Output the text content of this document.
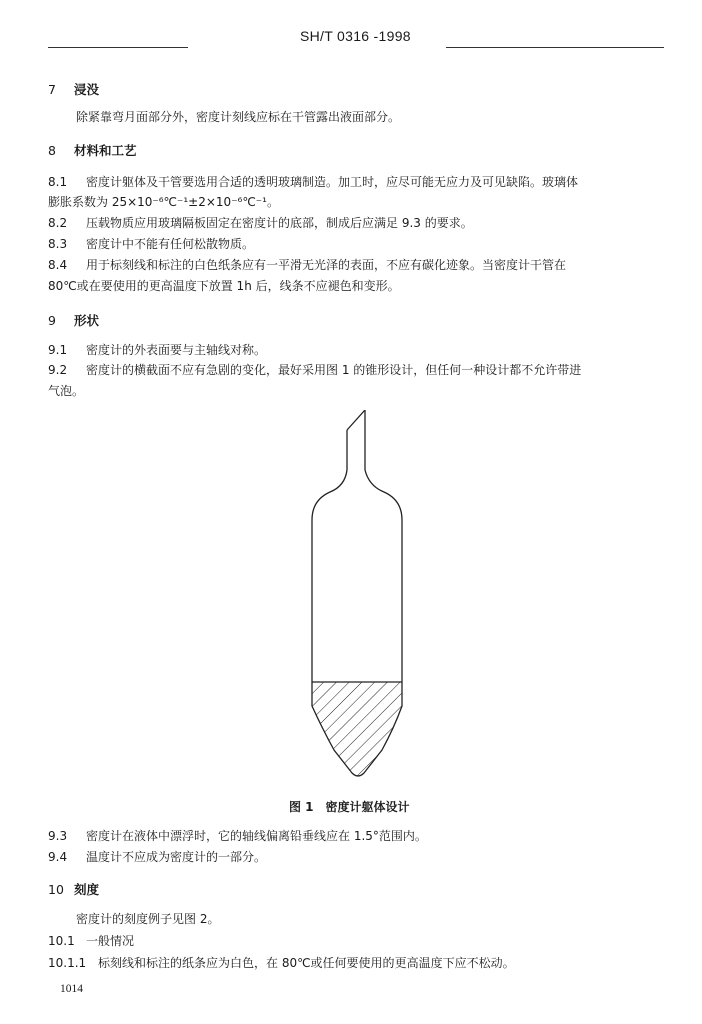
SH/T 0316 -1998
7 浸没
除紧靠弯月面部分外，密度计刻线应标在干管露出液面部分。
8 材料和工艺
8.1 密度计躯体及干管要选用合适的透明玻璃制造。加工时，应尽可能无应力及可见缺陷。玻璃体
膨胀系数为 25×10⁻⁶℃⁻¹±2×10⁻⁶℃⁻¹。
8.2 压载物质应用玻璃隔板固定在密度计的底部，制成后应满足 9.3 的要求。
8.3 密度计中不能有任何松散物质。
8.4 用于标刻线和标注的白色纸条应有一平滑无光泽的表面，不应有碳化迹象。当密度计干管在
80℃或在要使用的更高温度下放置 1h 后，线条不应褪色和变形。
9 形状
9.1 密度计的外表面要与主轴线对称。
9.2 密度计的横截面不应有急剧的变化，最好采用图 1 的锥形设计，但任何一种设计都不允许带进
气泡。
图 1　密度计躯体设计
9.3 密度计在液体中漂浮时，它的轴线偏离铅垂线应在 1.5°范围内。
9.4 温度计不应成为密度计的一部分。
10 刻度
密度计的刻度例子见图 2。
10.1 一般情况
10.1.1 标刻线和标注的纸条应为白色，在 80℃或任何要使用的更高温度下应不松动。
1014
